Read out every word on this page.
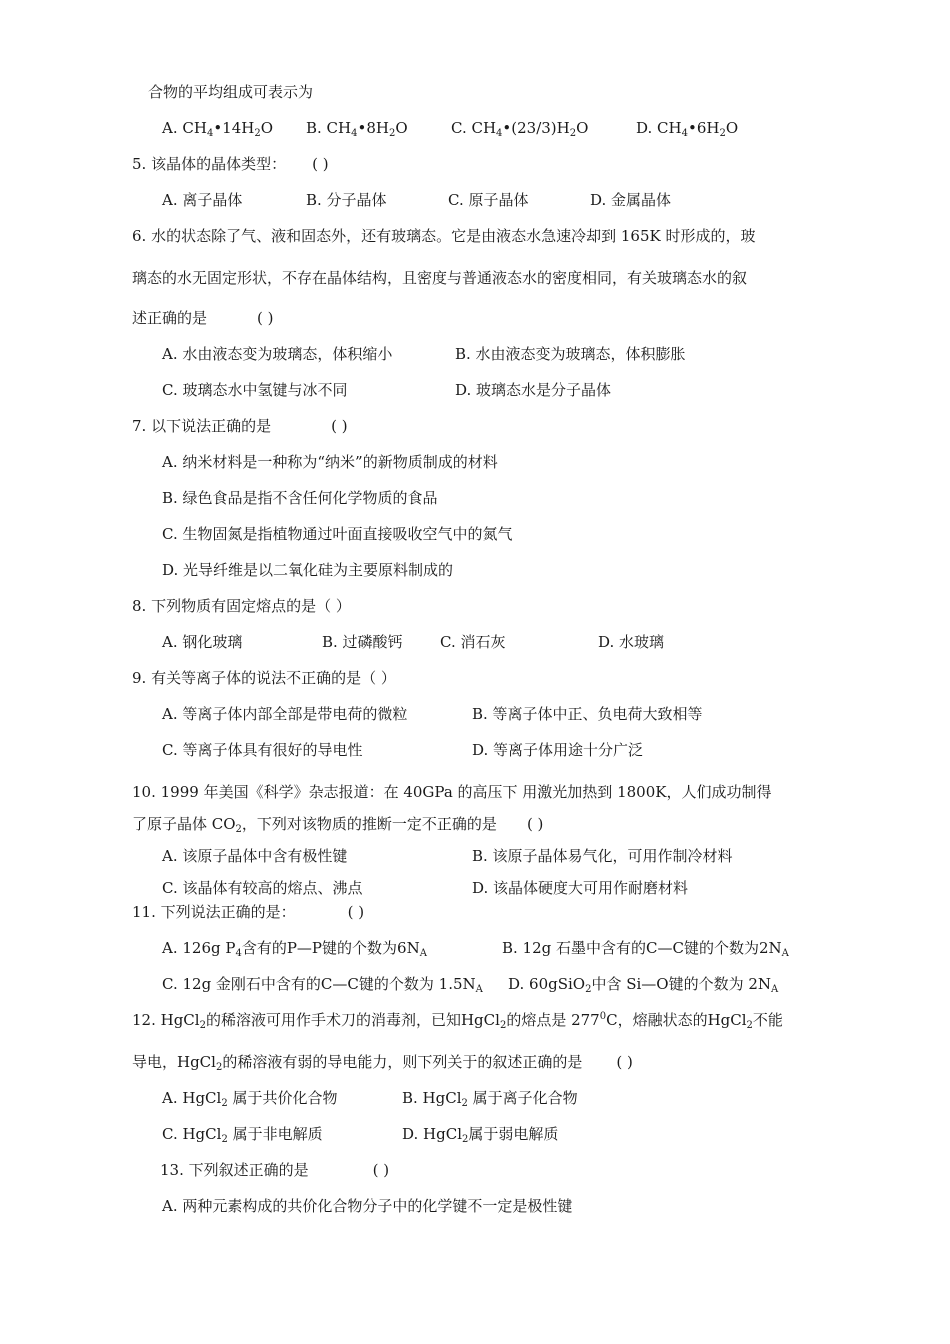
合物的平均组成可表示为
A. $CH_4•14H_2O$ B. $CH_4•8H_2O$	C. $CH_4•(23/3)H_2O$	D. $CH_4•6H_2O$
5. 该晶体的晶体类型： ( )
A. 离子晶体	B. 分子晶体	C. 原子晶体	D. 金属晶体
6. 水的状态除了气、液和固态外，还有玻璃态。它是由液态水急速冷却到 165K 时形成的，玻
璃态的水无固定形状，不存在晶体结构，且密度与普通液态水的密度相同，有关玻璃态水的叙
述正确的是	( )
A. 水由液态变为玻璃态，体积缩小	B. 水由液态变为玻璃态，体积膨胀
C. 玻璃态水中氢键与冰不同	D. 玻璃态水是分子晶体
7. 以下说法正确的是	( )
A. 纳米材料是一种称为“纳米”的新物质制成的材料
B. 绿色食品是指不含任何化学物质的食品
C. 生物固氮是指植物通过叶面直接吸收空气中的氮气
D. 光导纤维是以二氧化硅为主要原料制成的
8. 下列物质有固定熔点的是（ ）
A. 钢化玻璃	B. 过磷酸钙 C. 消石灰	D. 水玻璃
9. 有关等离子体的说法不正确的是（ ）
A. 等离子体内部全部是带电荷的微粒	B. 等离子体中正、负电荷大致相等
C. 等离子体具有很好的导电性	D. 等离子体用途十分广泛
10. 1999 年美国《科学》杂志报道：在 40GPa 的高压下 用激光加热到 1800K，人们成功制得
了原子晶体 $CO_2$，下列对该物质的推断一定不正确的是 ( )
A. 该原子晶体中含有极性键	B. 该原子晶体易气化，可用作制冷材料
C. 该晶体有较高的熔点、沸点	D. 该晶体硬度大可用作耐磨材料
11. 下列说法正确的是：	( )
A. 126g $P_4$含有的P—P键的个数为$6N_A$	B. 12g 石墨中含有的C—C键的个数为$2N_A$
C. 12g 金刚石中含有的C—C键的个数为 $1.5N_A$ D. 60gSiO$_2$中含 Si—O键的个数为 $2N_A$
12. HgCl$_2$的稀溶液可用作手术刀的消毒剂，已知HgCl$_2$的熔点是 $277^0C$，熔融状态的HgCl$_2$不能
导电，HgCl$_2$的稀溶液有弱的导电能力，则下列关于的叙述正确的是 ( )
A. HgCl$_2$ 属于共价化合物	B. HgCl$_2$ 属于离子化合物
C. HgCl$_2$ 属于非电解质	D. HgCl$_2$属于弱电解质
13. 下列叙述正确的是	( )
A. 两种元素构成的共价化合物分子中的化学键不一定是极性键
